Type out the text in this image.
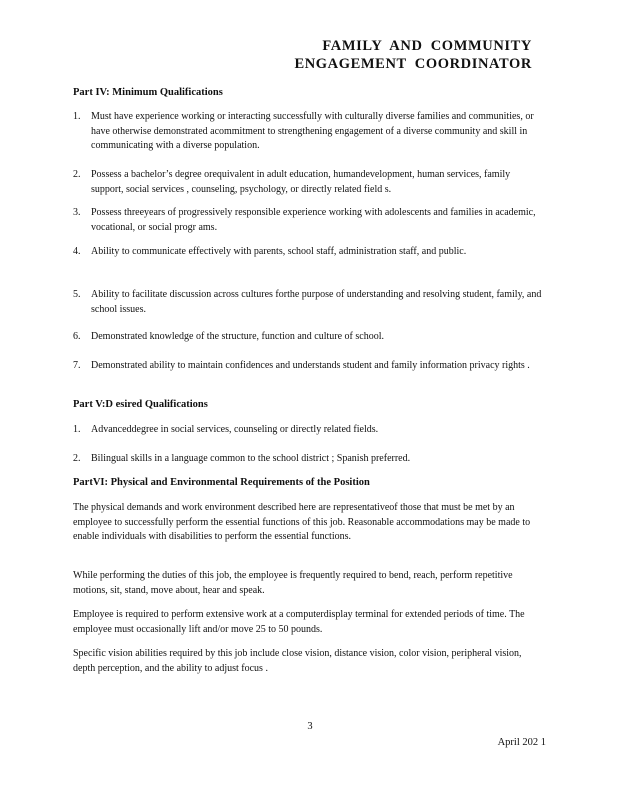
FAMILY AND COMMUNITY
ENGAGEMENT COORDINATOR
Part IV: Minimum Qualifications
1. Must have experience working or interacting successfully with culturally diverse families and communities, or have otherwise demonstrated acommitment to strengthening engagement of a diverse community and skill in communicating with a diverse population.
2. Possess a bachelor’s degree orequivalent in adult education, humandevelopment, human services, family support, social services , counseling, psychology, or directly related field s.
3. Possess threeyears of progressively responsible experience working with adolescents and families in academic, vocational, or social progr ams.
4. Ability to communicate effectively with parents, school staff, administration staff, and public.
5. Ability to facilitate discussion across cultures forthe purpose of understanding and resolving student, family, and school issues.
6. Demonstrated knowledge of the structure, function and culture of school.
7. Demonstrated ability to maintain confidences and understands student and family information privacy rights .
Part V:D esired Qualifications
1. Advanceddegree in social services, counseling or directly related fields.
2. Bilingual skills in a language common to the school district ; Spanish preferred.
PartVI: Physical and Environmental Requirements of the Position
The physical demands and work environment described here are representativeof those that must be met by an employee to successfully perform the essential functions of this job. Reasonable accommodations may be made to enable individuals with disabilities to perform the essential functions.
While performing the duties of this job, the employee is frequently required to bend, reach, perform repetitive motions, sit, stand, move about, hear and speak.
Employee is required to perform extensive work at a computerdisplay terminal for extended periods of time. The employee must occasionally lift and/or move 25 to 50 pounds.
Specific vision abilities required by this job include close vision, distance vision, color vision, peripheral vision, depth perception, and the ability to adjust focus .
3
April 202 1
